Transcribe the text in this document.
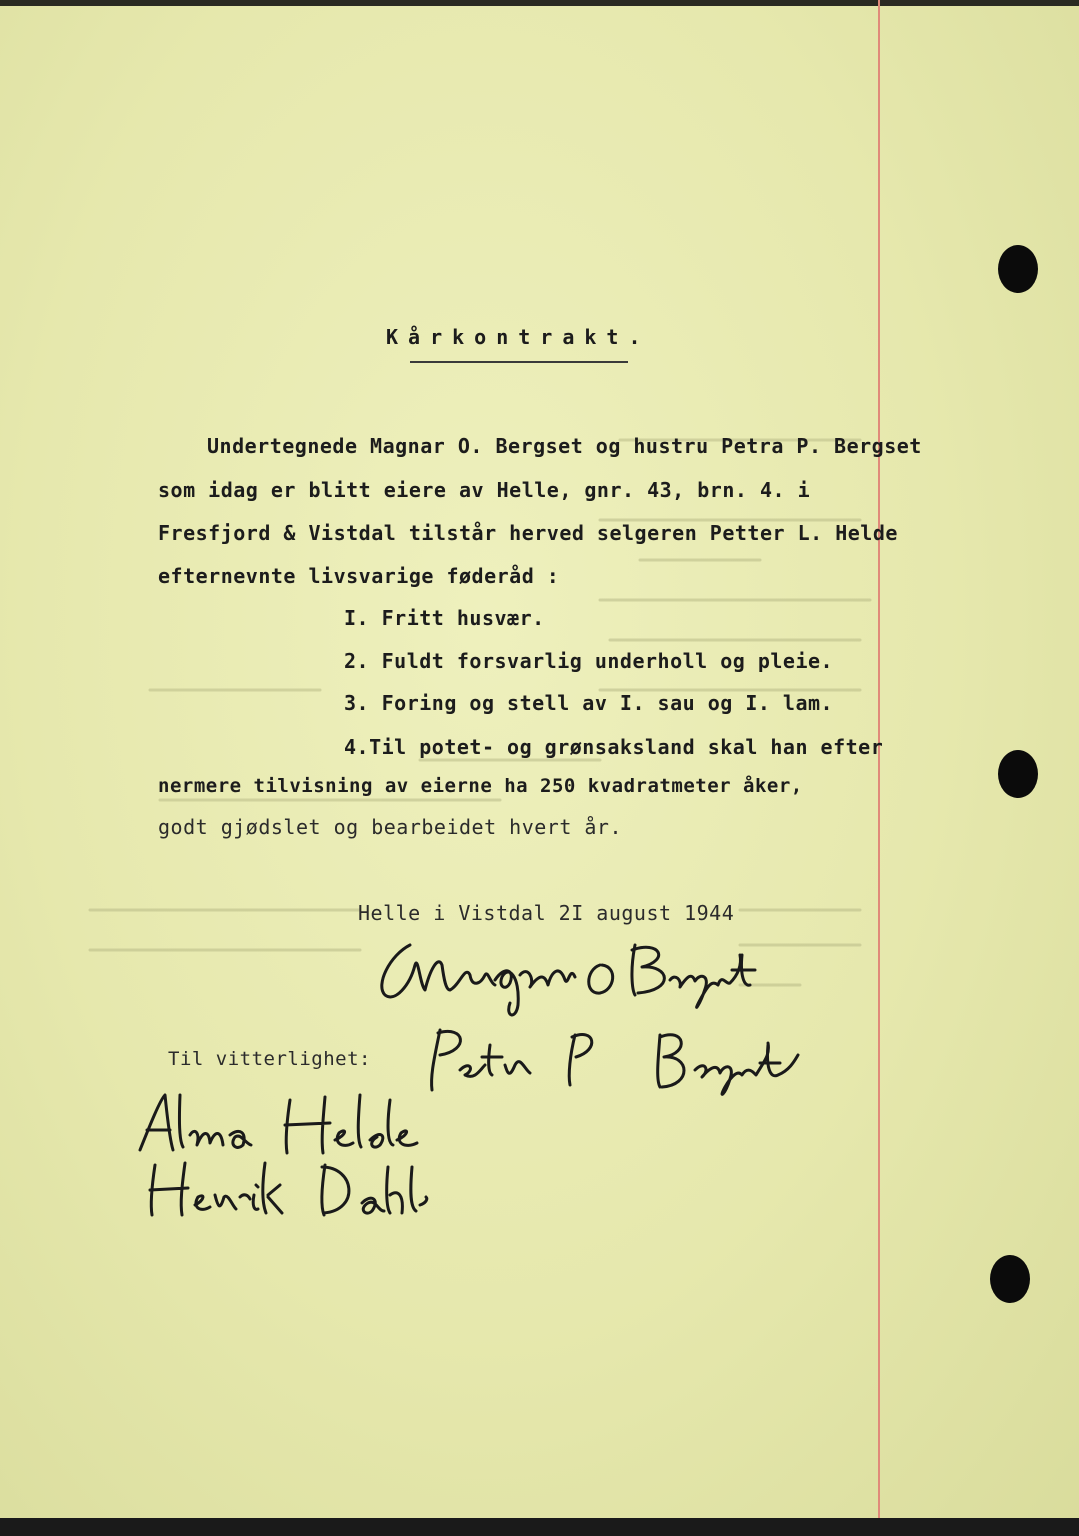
Kårkontrakt.
Undertegnede Magnar O. Bergset og hustru Petra P. Bergset
som idag er blitt eiere av Helle, gnr. 43, brn. 4. i
Fresfjord & Vistdal tilstår herved selgeren Petter L. Helde
efternevnte livsvarige føderåd :
I. Fritt husvær.
2. Fuldt forsvarlig underholl og pleie.
3. Foring og stell av I. sau og I. lam.
4.Til potet- og grønsaksland skal han efter
nermere tilvisning av eierne ha 250 kvadratmeter åker,
godt gjødslet og bearbeidet hvert år.
Helle i Vistdal 2I august 1944
Til vitterlighet:
